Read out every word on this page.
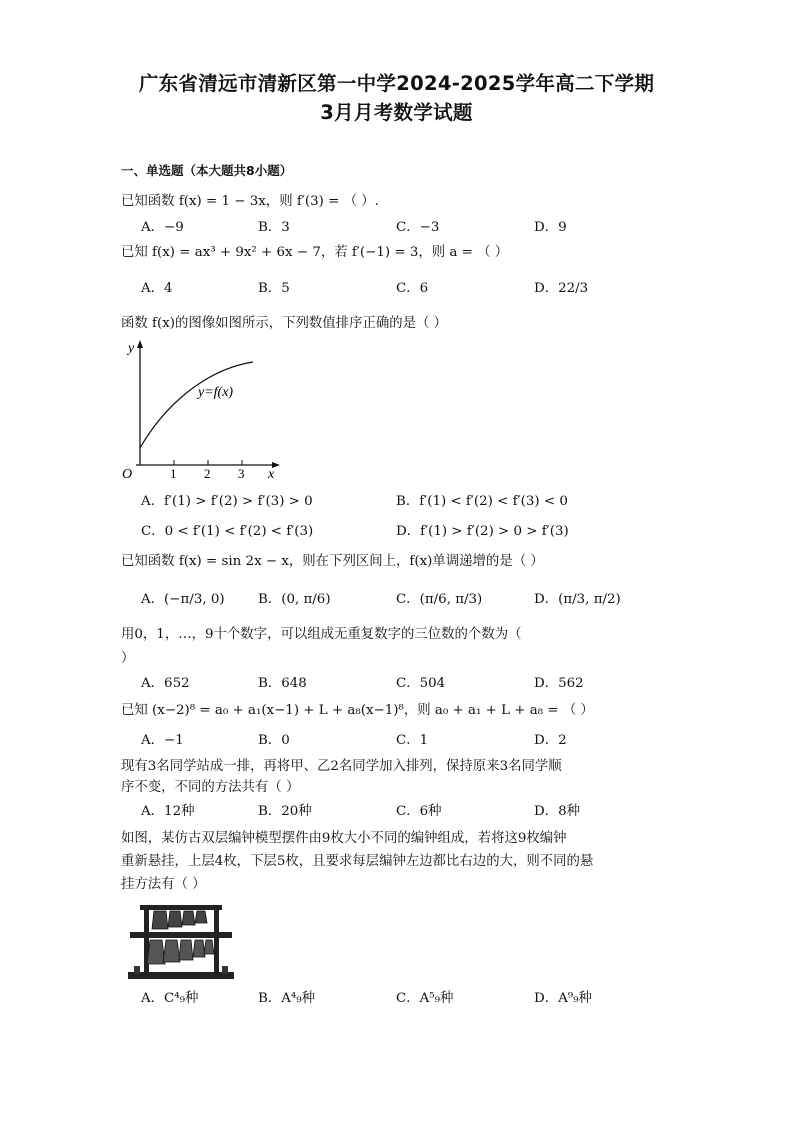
广东省清远市清新区第一中学2024-2025学年高二下学期
3月月考数学试题
一、单选题（本大题共8小题）
已知函数 f(x) = 1 − 3x，则 f′(3) = （ ）.
A．−9	B．3	C．−3	D．9
已知 f(x) = ax³ + 9x² + 6x − 7，若 f′(−1) = 3，则 a = （ ）
A．4	B．5	C．6	D．22/3
函数 f(x)的图像如图所示，下列数值排序正确的是（ ）
y
x
O	1 2 3
y=f(x)
A．f′(1) > f′(2) > f′(3) > 0	B．f′(1) < f′(2) < f′(3) < 0
C．0 < f′(1) < f′(2) < f′(3)	D．f′(1) > f′(2) > 0 > f′(3)
已知函数 f(x) = sin 2x − x，则在下列区间上，f(x)单调递增的是（ ）
A．(−π/3, 0) B．(0, π/6)	C．(π/6, π/3)	D．(π/3, π/2)
用0，1，…，9十个数字，可以组成无重复数字的三位数的个数为（
）
A．652	B．648	C．504	D．562
已知 (x−2)⁸ = a₀ + a₁(x−1) + L + a₈(x−1)⁸，则 a₀ + a₁ + L + a₈ = （ ）
A．−1	B．0	C．1	D．2
现有3名同学站成一排，再将甲、乙2名同学加入排列，保持原来3名同学顺
序不变，不同的方法共有（ ）
A．12种	B．20种	C．6种	D．8种
如图，某仿古双层编钟模型摆件由9枚大小不同的编钟组成，若将这9枚编钟
重新悬挂，上层4枚，下层5枚，且要求每层编钟左边都比右边的大，则不同的悬
挂方法有（ ）
A．C⁴₉种	B．A⁴₉种	C．A⁵₉种	D．A⁹₉种
